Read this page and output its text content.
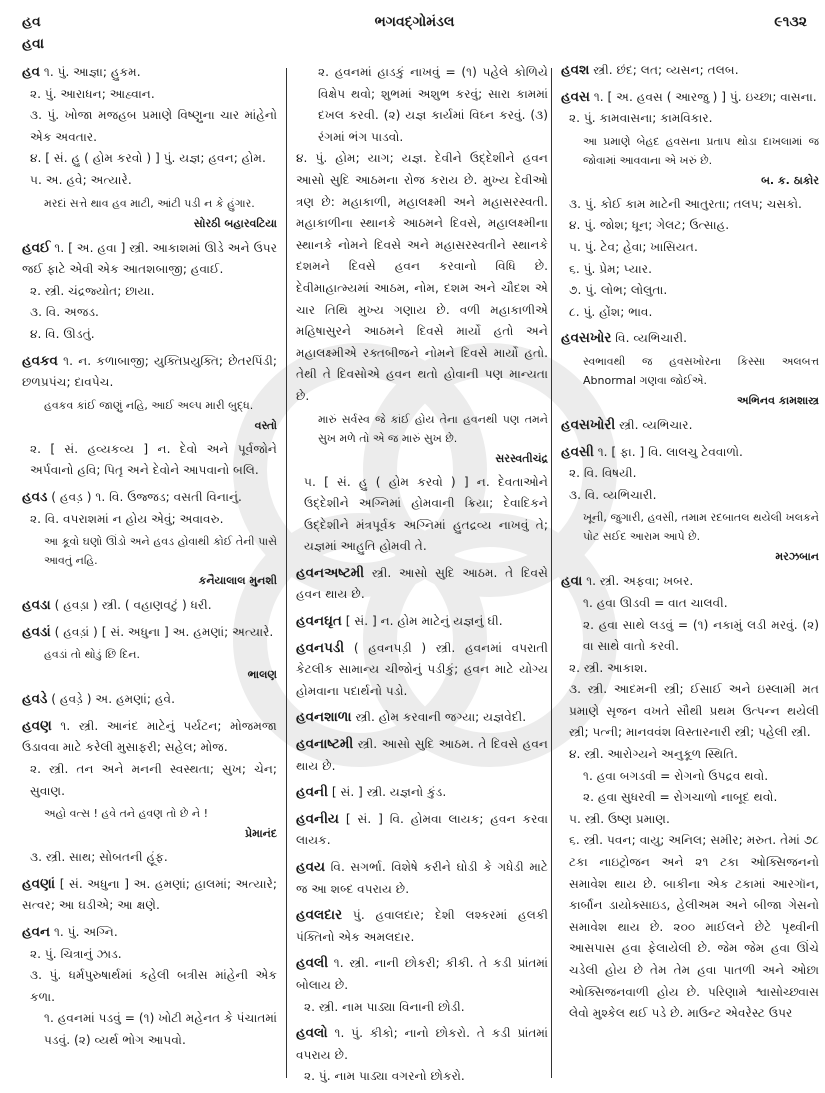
હવ	ભગવદ્ગોમંડલ	૯૧૩૨
હવા

હવ ૧. પું. આજ્ઞા; હુકમ.

૨. પું. આરાધન; આહ્વાન.

૩. પું. ખોજા મજહબ પ્રમાણે વિષ્ણુના ચાર માંહેનો એક અવતાર.

૪. [ સં. હુ ( હોમ કરવો ) ] પું. યજ્ઞ; હવન; હોમ.

૫. અ. હવે; અત્યારે.

મરદાં સત્તે થાવ હવ માટી, આંટી પડી ન કે હુંગાર.

સોરઠી બહારવટિયા

હવઈ ૧. [ અ. હવા ] સ્ત્રી. આકાશમાં ઊડે અને ઉપર જઈ ફાટે એવી એક આતશબાજી; હવાઈ.

૨. સ્ત્રી. ચંદ્રજ્યોત; છાયા.

૩. વિ. અજડ.

૪. વિ. ઊડતું.

હવકવ ૧. ન. કળાબાજી; યુક્તિપ્રયુક્તિ; છેતરપિંડી; છળપ્રપંચ; દાવપેચ.

હવકવ કાંઈ જાણું નહિ, આઈ અલ્પ મારી બુદ્ધ.

વસ્તો

૨. [ સં. હવ્યકવ્ય ] ન. દેવો અને પૂર્વજોને અર્પવાનો હવિ; પિતૃ અને દેવોને આપવાનો બલિ.

હવડ ( હવડ઼ ) ૧. વિ. ઉજ્જડ; વસતી વિનાનું.

૨. વિ. વપરાશમાં ન હોય એવું; અવાવરુ.

આ કૂવો ઘણો ઊંડો અને હવડ હોવાથી કોઈ તેની પાસે આવતું નહિ.

કનૈયાલાલ મુનશી

હવડા ( હવડ઼ા ) સ્ત્રી. ( વહાણવટું ) ધરી.

હવડાં ( હવડ઼ાં ) [ સં. અધુના ] અ. હમણાં; અત્યારે.

હવડાં તો થોડું છિ દિન.

ભાલણ

હવડે ( હવડ઼ે ) અ. હમણાં; હવે.

હવણ ૧. સ્ત્રી. આનંદ માટેનું પર્યટન; મોજમજા ઉડાવવા માટે કરેલી મુસાફરી; સહેલ; મોજ.

૨. સ્ત્રી. તન અને મનની સ્વસ્થતા; સુખ; ચેન; સુવાણ.

અહો વત્સ ! હવે તને હવણ તો છે ને !

પ્રેમાનંદ

૩. સ્ત્રી. સાથ; સોબતની હૂંફ.

હવણાં [ સં. અધુના ] અ. હમણાં; હાલમાં; અત્યારે; સત્વર; આ ઘડીએ; આ ક્ષણે.

હવન ૧. પું. અગ્નિ.

૨. પું. ચિત્રાનું ઝાડ.

૩. પું. ધર્મપુરુષાર્થમાં કહેલી બત્રીસ માંહેની એક કળા.

૧. હવનમાં પડવું = (૧) ખોટી મહેનત કે પંચાતમાં પડવું. (૨) વ્યર્થ ભોગ આપવો.

૨. હવનમાં હાડકું નાખવું = (૧) પહેલે કોળિયે વિક્ષેપ થવો; શુભમાં અશુભ કરવું; સારા કામમાં દખલ કરવી. (૨) યજ્ઞ કાર્યમાં વિઘ્ન કરવું. (૩) રંગમાં ભંગ પાડવો.

૪. પું. હોમ; યાગ; યજ્ઞ. દેવીને ઉદ્દેશીને હવન આસો સુદિ આઠમના રોજ કરાય છે. મુખ્ય દેવીઓ ત્રણ છે: મહાકાળી, મહાલક્ષ્મી અને મહાસરસ્વતી. મહાકાળીના સ્થાનકે આઠમને દિવસે, મહાલક્ષ્મીના સ્થાનકે નોમને દિવસે અને મહાસરસ્વતીને સ્થાનકે દશમને દિવસે હવન કરવાનો વિધિ છે. દેવીમાહાત્મ્યમાં આઠમ, નોમ, દશમ અને ચૌદશ એ ચાર તિથિ મુખ્ય ગણાય છે. વળી મહાકાળીએ મહિષાસુરને આઠમને દિવસે માર્યો હતો અને મહાલક્ષ્મીએ રક્તબીજને નોમને દિવસે માર્યો હતો. તેથી તે દિવસોએ હવન થતો હોવાની પણ માન્યતા છે.

મારું સર્વસ્વ જે કાંઈ હોય તેના હવનથી પણ તમને સુખ મળે તો એ જ મારું સુખ છે.

સરસ્વતીચંદ્ર

૫. [ સં. હુ ( હોમ કરવો ) ] ન. દેવતાઓને ઉદ્દેશીને અગ્નિમાં હોમવાની ક્રિયા; દેવાદિકને ઉદ્દેશીને મંત્રપૂર્વક અગ્નિમાં હુતદ્રવ્ય નાખવું તે; યજ્ઞમાં આહુતિ હોમવી તે.

હવનઅષ્ટમી સ્ત્રી. આસો સુદિ આઠમ. તે દિવસે હવન થાય છે.

હવનઘૃત [ સં. ] ન. હોમ માટેનું યજ્ઞનું ઘી.

હવનપડી ( હવનપડ઼ી ) સ્ત્રી. હવનમાં વપરાતી કેટલીક સામાન્ય ચીજોનું પડીકું; હવન માટે યોગ્ય હોમવાના પદાર્થનો પડો.

હવનશાળા સ્ત્રી. હોમ કરવાની જગ્યા; યજ્ઞવેદી.

હવનાષ્ટમી સ્ત્રી. આસો સુદિ આઠમ. તે દિવસે હવન થાય છે.

હવની [ સં. ] સ્ત્રી. યજ્ઞનો કુંડ.

હવનીય [ સં. ] વિ. હોમવા લાયક; હવન કરવા લાયક.

હવય વિ. સગર્ભા. વિશેષે કરીને ઘોડી કે ગધેડી માટે જ આ શબ્દ વપરાય છે.

હવલદાર પું. હવાલદાર; દેશી લશ્કરમાં હલકી પંક્તિનો એક અમલદાર.

હવલી ૧. સ્ત્રી. નાની છોકરી; કીકી. તે કડી પ્રાંતમાં બોલાય છે.

૨. સ્ત્રી. નામ પાડ્યા વિનાની છોડી.

હવલો ૧. પું. કીકો; નાનો છોકરો. તે કડી પ્રાંતમાં વપરાય છે.

૨. પું. નામ પાડ્યા વગરનો છોકરો.

હવશ સ્ત્રી. છંદ; લત; વ્યસન; તલબ.

હવસ ૧. [ અ. હવસ ( આરજુ ) ] પું. ઇચ્છા; વાસના.

૨. પું. કામવાસના; કામવિકાર.

આ પ્રમાણે બેહદ હવસના પ્રતાપ થોડા દાખલામાં જ જોવામાં આવવાના એ ખરું છે.

બ. ક. ઠાકોર

૩. પું. કોઈ કામ માટેની આતુરતા; તલપ; ચસકો.

૪. પું. જોશ; ધૂન; ગેલટ; ઉત્સાહ.

૫. પું. ટેવ; હેવા; ખાસિયત.

૬. પું. પ્રેમ; પ્યાર.

૭. પું. લોભ; લોલુતા.

૮. પું. હોંશ; ભાવ.

હવસખોર વિ. વ્યભિચારી.

સ્વભાવથી જ હવસખોરના કિસ્સા અલબત્ત Abnormal ગણવા જોઈએ.

અભિનવ કામશાસ્ત્ર

હવસખોરી સ્ત્રી. વ્યભિચાર.

હવસી ૧. [ ફા. ] વિ. લાલચુ ટેવવાળો.

૨. વિ. વિષયી.

૩. વિ. વ્યભિચારી.

ખૂની, જુગારી, હવસી, તમામ રદબાતલ થયેલી ખલકને પોટ સઈદ આરામ આપે છે.

મરઝબાન

હવા ૧. સ્ત્રી. અફવા; ખબર.

૧. હવા ઊડવી = વાત ચાલવી.

૨. હવા સાથે લડવું = (૧) નકામું લડી મરવું. (૨) વા સાથે વાતો કરવી.

૨. સ્ત્રી. આકાશ.

૩. સ્ત્રી. આદમની સ્ત્રી; ઈસાઈ અને ઇસ્લામી મત પ્રમાણે સૃજન વખતે સૌથી પ્રથમ ઉત્પન્ન થયેલી સ્ત્રી; પત્ની; માનવવંશ વિસ્તારનારી સ્ત્રી; પહેલી સ્ત્રી.

૪. સ્ત્રી. આરોગ્યને અનુકૂળ સ્થિતિ.

૧. હવા બગડવી = રોગનો ઉપદ્રવ થવો.

૨. હવા સુધરવી = રોગચાળો નાબૂદ થવો.

૫. સ્ત્રી. ઉષ્ણ પ્રમાણ.

૬. સ્ત્રી. પવન; વાયુ; અનિલ; સમીર; મરુત. તેમાં ૭૮ ટકા નાઇટ્રોજન અને ૨૧ ટકા ઓક્સિજનનો સમાવેશ થાય છે. બાકીના એક ટકામાં આરગૉન, કાર્બૉન ડાયોક્સાઇડ, હેલીઅમ અને બીજા ગેસનો સમાવેશ થાય છે. ૨૦૦ માઈલને છેટે પૃથ્વીની આસપાસ હવા ફેલાયેલી છે. જેમ જેમ હવા ઊંચે ચડેલી હોય છે તેમ તેમ હવા પાતળી અને ઓછા ઓક્સિજનવાળી હોય છે. પરિણામે શ્વાસોચ્છ્વાસ લેવો મુશ્કેલ થઈ પડે છે. માઉન્ટ એવરેસ્ટ ઉપર
